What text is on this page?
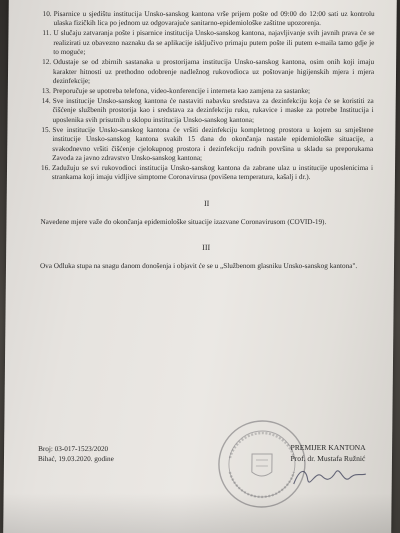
10. Pisarnice u sjedištu institucija Unsko-sanskog kantona vrše prijem pošte od 09:00 do 12:00 sati uz kontrolu ulaska fizičkih lica po jednom uz odgovarajuće sanitarno-epidemiološke zaštitne upozorenja.
11. U slučaju zatvaranja pošte i pisarnice institucija Unsko-sanskog kantona, najavljivanje svih javnih prava će se realizirati uz obavezno naznaku da se aplikacije isključivo primaju putem pošte ili putem e-maila tamo gdje je to moguće;
12. Odustaje se od zbirnih sastanaka u prostorijama institucija Unsko-sanskog kantona, osim onih koji imaju karakter hitnosti uz prethodno odobrenje nadležnog rukovodioca uz poštovanje higijenskih mjera i mjera dezinfekcije;
13. Preporučuje se upotreba telefona, video-konferencije i interneta kao zamjena za sastanke;
14. Sve institucije Unsko-sanskog kantona će nastaviti nabavku sredstava za dezinfekciju koja će se koristiti za čišćenje službenih prostorija kao i sredstava za dezinfekciju ruku, rukavice i maske za potrebe Institucija i uposlenika svih prisutnih u sklopu institucija Unsko-sanskog kantona;
15. Sve institucije Unsko-sanskog kantona će vršiti dezinfekciju kompletnog prostora u kojem su smještene institucije Unsko-sanskog kantona svakih 15 dana do okončanja nastale epidemiološke situacije, a svakodnevno vršiti čišćenje cjelokupnog prostora i dezinfekciju radnih površina u skladu sa preporukama Zavoda za javno zdravstvo Unsko-sanskog kantona;
16. Zadužuju se svi rukovodioci institucija Unsko-sanskog kantona da zabrane ulaz u institucije uposlenicima i strankama koji imaju vidljive simptome Coronavirusa (povišena temperatura, kašalj i dr.).
II
Navedene mjere važe do okončanja epidemiološke situacije izazvane Coronavirusom (COVID-19).
III
Ova Odluka stupa na snagu danom donošenja i objavit će se u „Službenom glasniku Unsko-sanskog kantona".
Broj: 03-017-1523/2020
Bihać, 19.03.2020. godine
PREMIJER KANTONA
Prof. dr. Mustafa Ružnić
